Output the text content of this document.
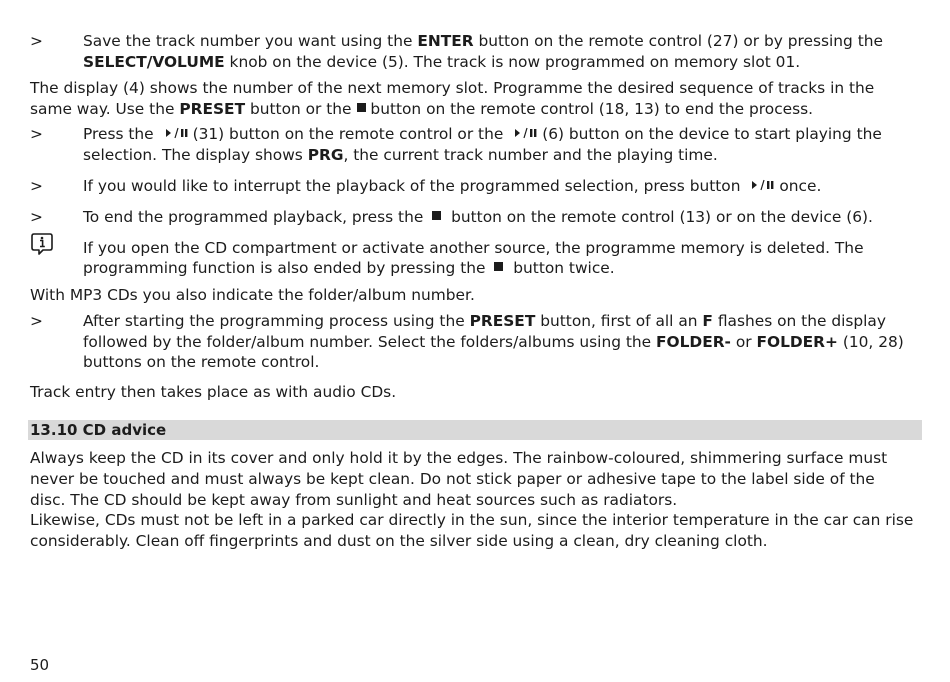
>	Save the track number you want using the ENTER button on the remote control (27) or by pressing the
SELECT/VOLUME knob on the device (5). The track is now programmed on memory slot 01.

The display (4) shows the number of the next memory slot. Programme the desired sequence of tracks in the

same way. Use the PRESET button or the button on the remote control (18, 13) to end the process.

>	Press the (31) button on the remote control or the (6) button on the device to start playing the
selection. The display shows PRG, the current track number and the playing time.
>	If you would like to interrupt the playback of the programmed selection, press button once.
>	To end the programmed playback, press the  button on the remote control (13) or on the device (6).

If you open the CD compartment or activate another source, the programme memory is deleted. The

programming function is also ended by pressing the  button twice.

With MP3 CDs you also indicate the folder/album number.

>	After starting the programming process using the PRESET button, first of all an F flashes on the display
followed by the folder/album number. Select the folders/albums using the FOLDER- or FOLDER+ (10, 28)
buttons on the remote control.

Track entry then takes place as with audio CDs.

13.10 CD advice

Always keep the CD in its cover and only hold it by the edges. The rainbow-coloured, shimmering surface must

never be touched and must always be kept clean. Do not stick paper or adhesive tape to the label side of the

disc. The CD should be kept away from sunlight and heat sources such as radiators.

Likewise, CDs must not be left in a parked car directly in the sun, since the interior temperature in the car can rise

considerably. Clean off fingerprints and dust on the silver side using a clean, dry cleaning cloth.

50
